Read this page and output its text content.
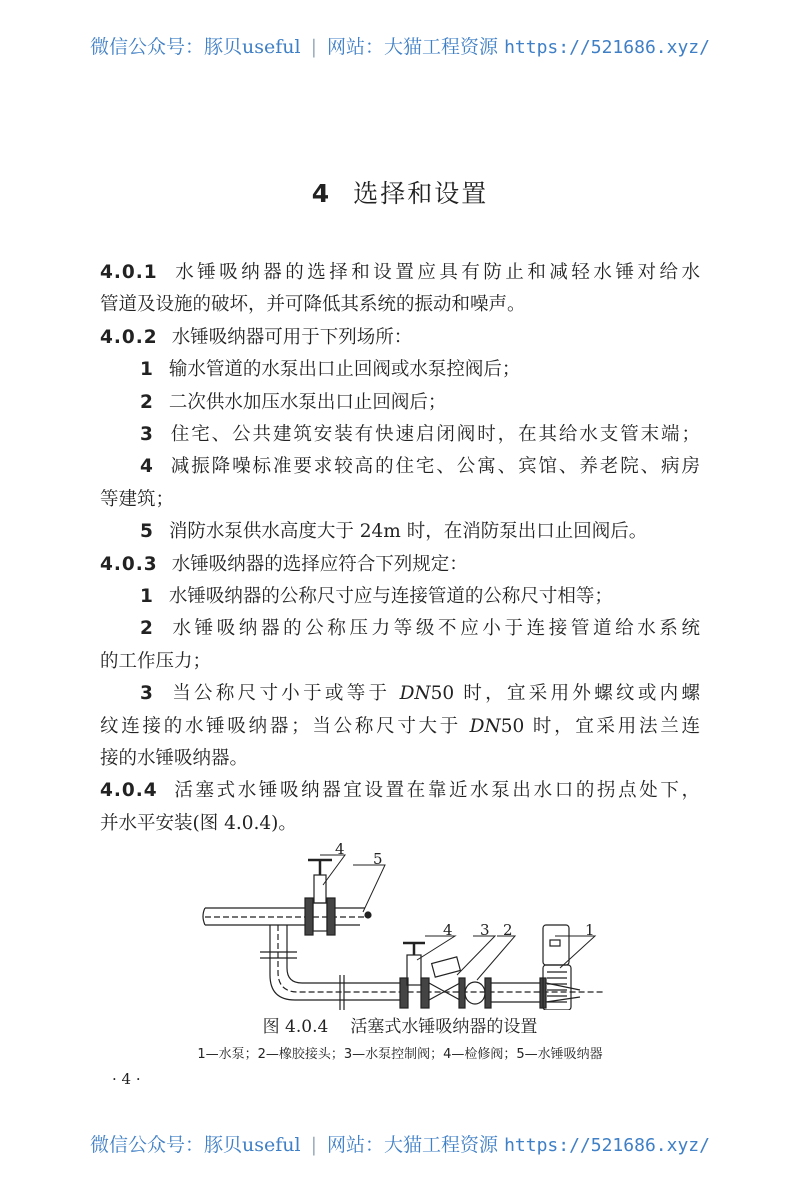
微信公众号：豚贝useful | 网站：大猫工程资源 https://521686.xyz/
4 选择和设置
4.0.1 水锤吸纳器的选择和设置应具有防止和减轻水锤对给水
管道及设施的破坏，并可降低其系统的振动和噪声。
4.0.2 水锤吸纳器可用于下列场所：
1 输水管道的水泵出口止回阀或水泵控阀后；
2 二次供水加压水泵出口止回阀后；
3 住宅、公共建筑安装有快速启闭阀时，在其给水支管末端；
4 减振降噪标准要求较高的住宅、公寓、宾馆、养老院、病房
等建筑；
5 消防水泵供水高度大于 24m 时，在消防泵出口止回阀后。
4.0.3 水锤吸纳器的选择应符合下列规定：
1 水锤吸纳器的公称尺寸应与连接管道的公称尺寸相等；
2 水锤吸纳器的公称压力等级不应小于连接管道给水系统
的工作压力；
3 当公称尺寸小于或等于 DN50 时，宜采用外螺纹或内螺
纹连接的水锤吸纳器；当公称尺寸大于 DN50 时，宜采用法兰连
接的水锤吸纳器。
4.0.4 活塞式水锤吸纳器宜设置在靠近水泵出水口的拐点处下，
并水平安装(图 4.0.4)。
4
5
4 3 2	1
图 4.0.4 活塞式水锤吸纳器的设置
1—水泵；2—橡胶接头；3—水泵控制阀；4—检修阀；5—水锤吸纳器
· 4 ·
微信公众号：豚贝useful | 网站：大猫工程资源 https://521686.xyz/
